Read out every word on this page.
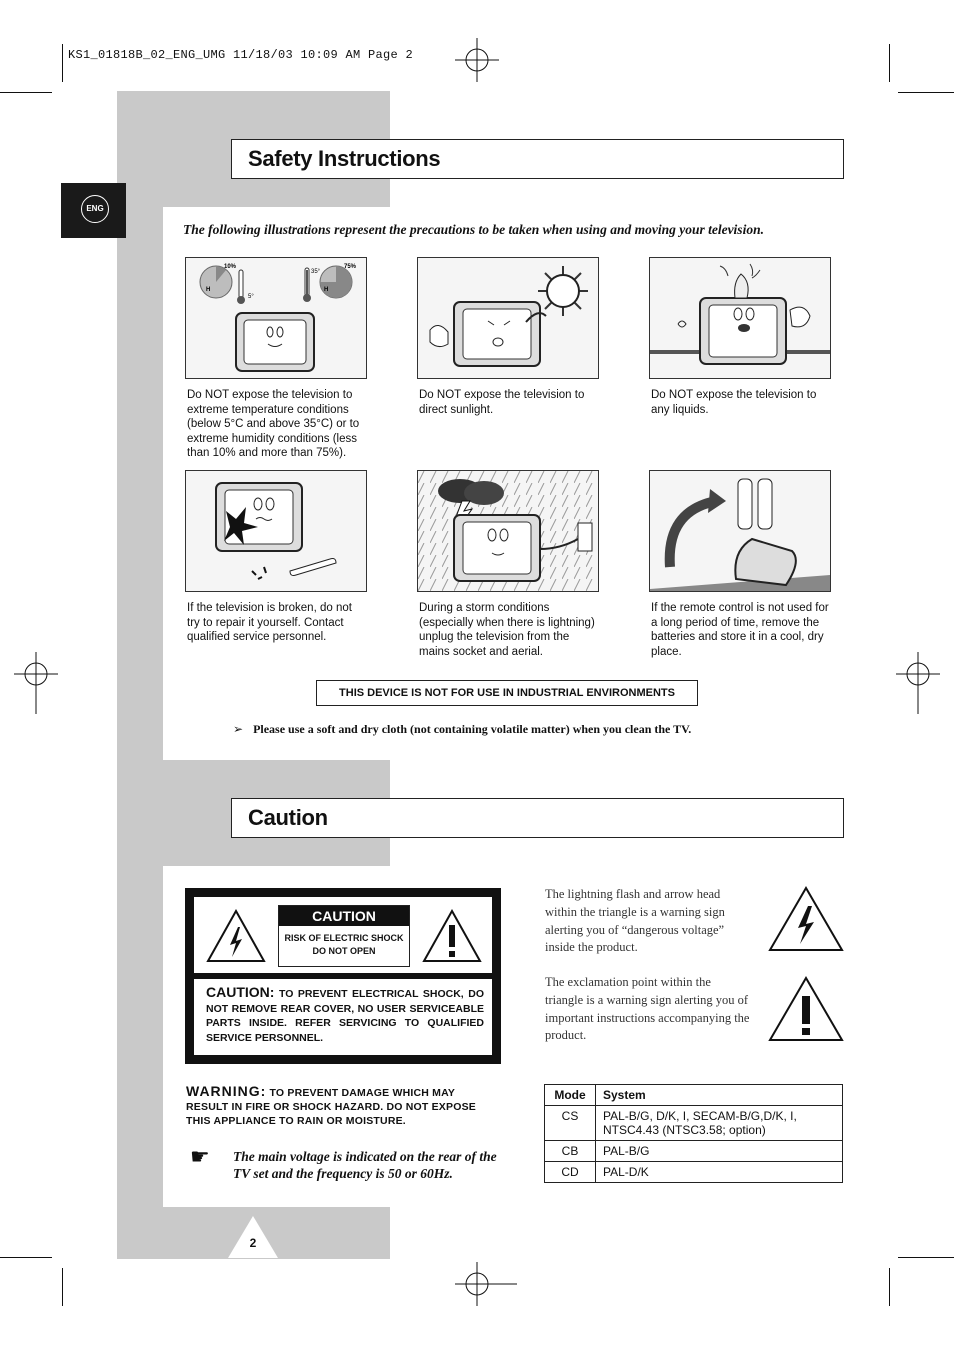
KS1_01818B_02_ENG_UMG 11/18/03 10:09 AM Page 2
ENG
Safety Instructions
The following illustrations represent the precautions to be taken when using and moving your television.
10%	75%
H	H
35°
5°
Do NOT expose the television to extreme temperature conditions (below 5°C and above 35°C) or to extreme humidity conditions (less than 10% and more than 75%).
Do NOT expose the television to direct sunlight.
Do NOT expose the television to any liquids.
If the television is broken, do not try to repair it yourself. Contact qualified service personnel.
During a storm conditions (especially when there is lightning) unplug the television from the mains socket and aerial.
If the remote control is not used for a long period of time, remove the batteries and store it in a cool, dry place.
THIS DEVICE IS NOT FOR USE IN INDUSTRIAL ENVIRONMENTS
➢ Please use a soft and dry cloth (not containing volatile matter) when you clean the TV.
Caution
CAUTION
RISK OF ELECTRIC SHOCK
DO NOT OPEN
CAUTION: TO PREVENT ELECTRICAL SHOCK, DO NOT REMOVE REAR COVER, NO USER SERVICEABLE PARTS INSIDE. REFER SERVICING TO QUALIFIED SERVICE PERSONNEL.
WARNING: TO PREVENT DAMAGE WHICH MAY RESULT IN FIRE OR SHOCK HAZARD. DO NOT EXPOSE THIS APPLIANCE TO RAIN OR MOISTURE.
☛ The main voltage is indicated on the rear of the TV set and the frequency is 50 or 60Hz.
The lightning flash and arrow head within the triangle is a warning sign alerting you of “dangerous voltage” inside the product.
The exclamation point within the triangle is a warning sign alerting you of important instructions accompanying the product.
Mode	System
CS	PAL-B/G, D/K, I, SECAM-B/G,D/K, I, NTSC4.43 (NTSC3.58; option)
CB	PAL-B/G
CD	PAL-D/K
2
